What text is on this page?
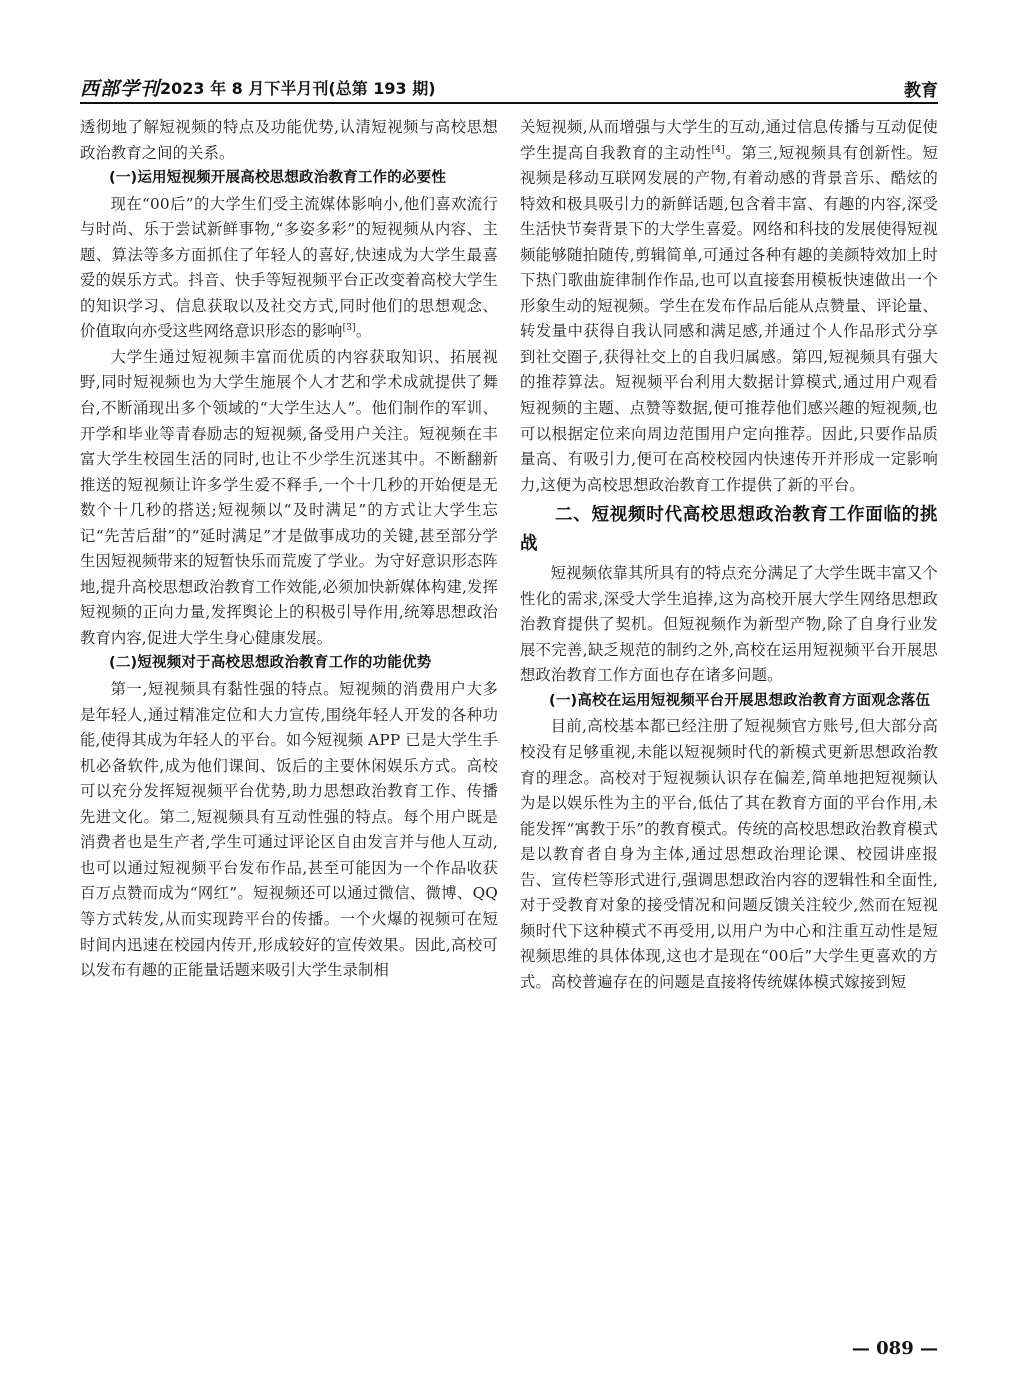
西部学刊 2023 年 8 月下半月刊(总第 193 期)	教育

透彻地了解短视频的特点及功能优势,认清短视频与高校思想政治教育之间的关系。

(一)运用短视频开展高校思想政治教育工作的必要性

现在“00后”的大学生们受主流媒体影响小,他们喜欢流行与时尚、乐于尝试新鲜事物,“多姿多彩”的短视频从内容、主题、算法等多方面抓住了年轻人的喜好,快速成为大学生最喜爱的娱乐方式。抖音、快手等短视频平台正改变着高校大学生的知识学习、信息获取以及社交方式,同时他们的思想观念、价值取向亦受这些网络意识形态的影响[3]。

大学生通过短视频丰富而优质的内容获取知识、拓展视野,同时短视频也为大学生施展个人才艺和学术成就提供了舞台,不断涌现出多个领域的“大学生达人”。他们制作的军训、开学和毕业等青春励志的短视频,备受用户关注。短视频在丰富大学生校园生活的同时,也让不少学生沉迷其中。不断翻新推送的短视频让许多学生爱不释手,一个十几秒的开始便是无数个十几秒的搭送;短视频以“及时满足”的方式让大学生忘记“先苦后甜”的“延时满足”才是做事成功的关键,甚至部分学生因短视频带来的短暂快乐而荒废了学业。为守好意识形态阵地,提升高校思想政治教育工作效能,必须加快新媒体构建,发挥短视频的正向力量,发挥舆论上的积极引导作用,统筹思想政治教育内容,促进大学生身心健康发展。

(二)短视频对于高校思想政治教育工作的功能优势

第一,短视频具有黏性强的特点。短视频的消费用户大多是年轻人,通过精准定位和大力宣传,围绕年轻人开发的各种功能,使得其成为年轻人的平台。如今短视频 APP 已是大学生手机必备软件,成为他们课间、饭后的主要休闲娱乐方式。高校可以充分发挥短视频平台优势,助力思想政治教育工作、传播先进文化。第二,短视频具有互动性强的特点。每个用户既是消费者也是生产者,学生可通过评论区自由发言并与他人互动,也可以通过短视频平台发布作品,甚至可能因为一个作品收获百万点赞而成为“网红”。短视频还可以通过微信、微博、QQ 等方式转发,从而实现跨平台的传播。一个火爆的视频可在短时间内迅速在校园内传开,形成较好的宣传效果。因此,高校可以发布有趣的正能量话题来吸引大学生录制相

关短视频,从而增强与大学生的互动,通过信息传播与互动促使学生提高自我教育的主动性[4]。第三,短视频具有创新性。短视频是移动互联网发展的产物,有着动感的背景音乐、酷炫的特效和极具吸引力的新鲜话题,包含着丰富、有趣的内容,深受生活快节奏背景下的大学生喜爱。网络和科技的发展使得短视频能够随拍随传,剪辑简单,可通过各种有趣的美颜特效加上时下热门歌曲旋律制作作品,也可以直接套用模板快速做出一个形象生动的短视频。学生在发布作品后能从点赞量、评论量、转发量中获得自我认同感和满足感,并通过个人作品形式分享到社交圈子,获得社交上的自我归属感。第四,短视频具有强大的推荐算法。短视频平台利用大数据计算模式,通过用户观看短视频的主题、点赞等数据,便可推荐他们感兴趣的短视频,也可以根据定位来向周边范围用户定向推荐。因此,只要作品质量高、有吸引力,便可在高校校园内快速传开并形成一定影响力,这便为高校思想政治教育工作提供了新的平台。

二、短视频时代高校思想政治教育工作面临的挑战

短视频依靠其所具有的特点充分满足了大学生既丰富又个性化的需求,深受大学生追捧,这为高校开展大学生网络思想政治教育提供了契机。但短视频作为新型产物,除了自身行业发展不完善,缺乏规范的制约之外,高校在运用短视频平台开展思想政治教育工作方面也存在诸多问题。

(一)高校在运用短视频平台开展思想政治教育方面观念落伍

目前,高校基本都已经注册了短视频官方账号,但大部分高校没有足够重视,未能以短视频时代的新模式更新思想政治教育的理念。高校对于短视频认识存在偏差,简单地把短视频认为是以娱乐性为主的平台,低估了其在教育方面的平台作用,未能发挥“寓教于乐”的教育模式。传统的高校思想政治教育模式是以教育者自身为主体,通过思想政治理论课、校园讲座报告、宣传栏等形式进行,强调思想政治内容的逻辑性和全面性,对于受教育对象的接受情况和问题反馈关注较少,然而在短视频时代下这种模式不再受用,以用户为中心和注重互动性是短视频思维的具体体现,这也才是现在“00后”大学生更喜欢的方式。高校普遍存在的问题是直接将传统媒体模式嫁接到短

— 089 —
